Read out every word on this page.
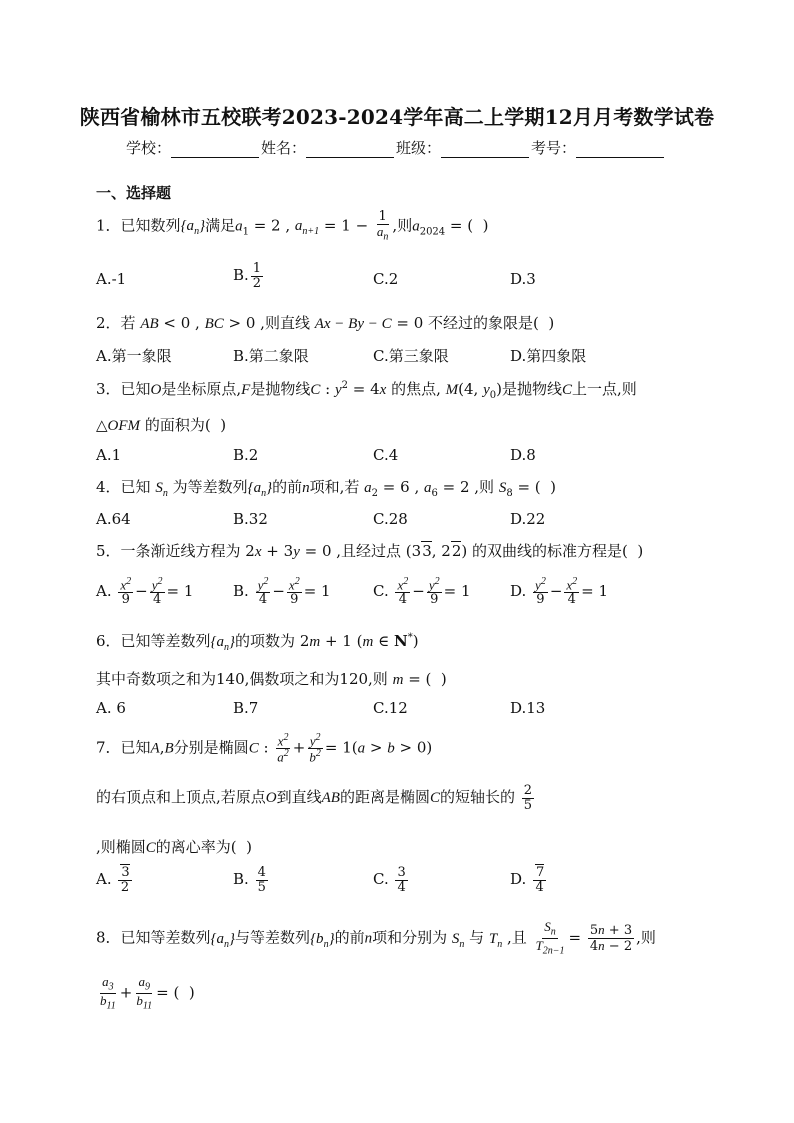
陕西省榆林市五校联考2023-2024学年高二上学期12月月考数学试卷
学校：	姓名：	班级：	考号：
一、选择题
1．已知数列$\{a_n\}$满足$a_1 = 2$ , $a_{n+1} = 1 - \frac{1}{a_n}$ ,则$a_{2024}$ = (  )
A.-1	B. $\frac{1}{2}$	C.2	D.3
2．若 AB < 0 , BC > 0 ,则直线 Ax − By − C = 0 不经过的象限是(  )
A.第一象限	B.第二象限	C.第三象限	D.第四象限
3．已知O是坐标原点,F是抛物线C : $y^2 = 4x$ 的焦点, M(4, $y_0$)是抛物线C上一点,则
△OFM 的面积为(  )
A.1	B.2	C.4	D.8
4．已知 $S_n$ 为等差数列$\{a_n\}$的前n项和,若 $a_2 = 6$ , $a_6 = 2$ ,则 $S_8$ = (  )
A.64	B.32	C.28	D.22
5．一条渐近线方程为 2x + 3y = 0 ,且经过点 (33, 22) 的双曲线的标准方程是(  )
A. $\frac{x^2}{9} - \frac{y^2}{4} = 1$	B. $\frac{y^2}{4} - \frac{x^2}{9} = 1$	C. $\frac{x^2}{4} - \frac{y^2}{9} = 1$	D. $\frac{y^2}{9} - \frac{x^2}{4} = 1$
6．已知等差数列$\{a_n\}$的项数为 2m + 1 (m ∈ N*)
其中奇数项之和为140,偶数项之和为120,则 m = (  )
A. 6	B.7	C.12	D.13
7．已知A,B分别是椭圆C : $\frac{x^2}{a^2} + \frac{y^2}{b^2} = 1(a > b > 0)$
的右顶点和上顶点,若原点O到直线AB的距离是椭圆C的短轴长的 $\frac{2}{5}$
,则椭圆C的离心率为(  )
A. $\frac{3}{2}$	B. $\frac{4}{5}$	C. $\frac{3}{4}$	D. $\frac{7}{4}$
8．已知等差数列$\{a_n\}$与等差数列$\{b_n\}$的前n项和分别为 $S_n$ 与 $T_n$ ,且 $\frac{S_n}{T_{2n-1}} = \frac{5n + 3}{4n - 2}$ ,则
$\frac{a_3}{b_{11}} + \frac{a_9}{b_{11}}$ = (  )
